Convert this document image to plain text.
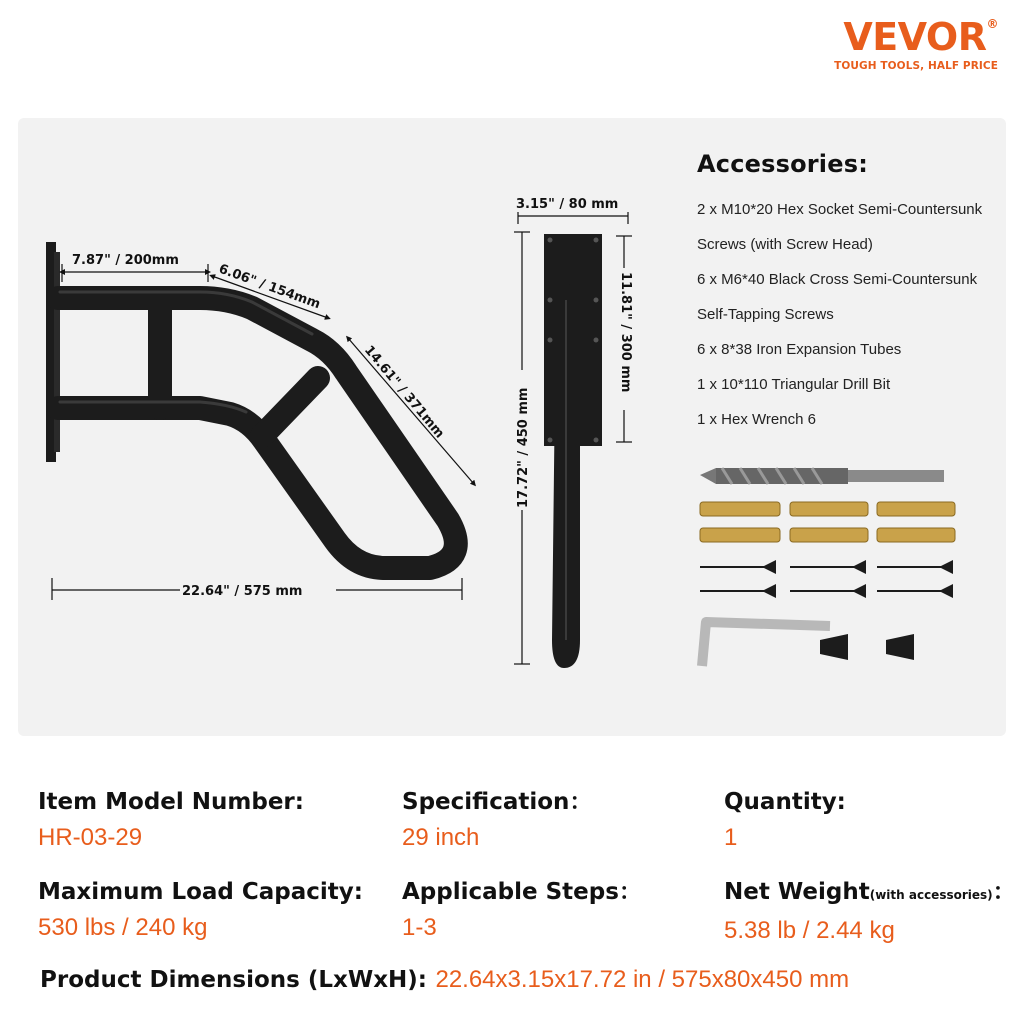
VEVOR®
TOUGH TOOLS, HALF PRICE
7.87" / 200mm
6.06" / 154mm
14.61" / 371mm
22.64" / 575 mm
3.15" / 80 mm
11.81" / 300 mm
17.72" / 450 mm
Accessories:
2 x M10*20 Hex Socket Semi-Countersunk
Screws (with Screw Head)
6 x M6*40 Black Cross Semi-Countersunk
Self-Tapping Screws
6 x 8*38 Iron Expansion Tubes
1 x 10*110 Triangular Drill Bit
1 x Hex Wrench 6
Item Model Number:
HR-03-29
Specification：
29 inch
Quantity:
1
Maximum Load Capacity:
530 lbs / 240 kg
Applicable Steps：
1-3
Net Weight(with accessories)：
5.38 lb / 2.44 kg
Product Dimensions (LxWxH): 22.64x3.15x17.72 in / 575x80x450 mm
